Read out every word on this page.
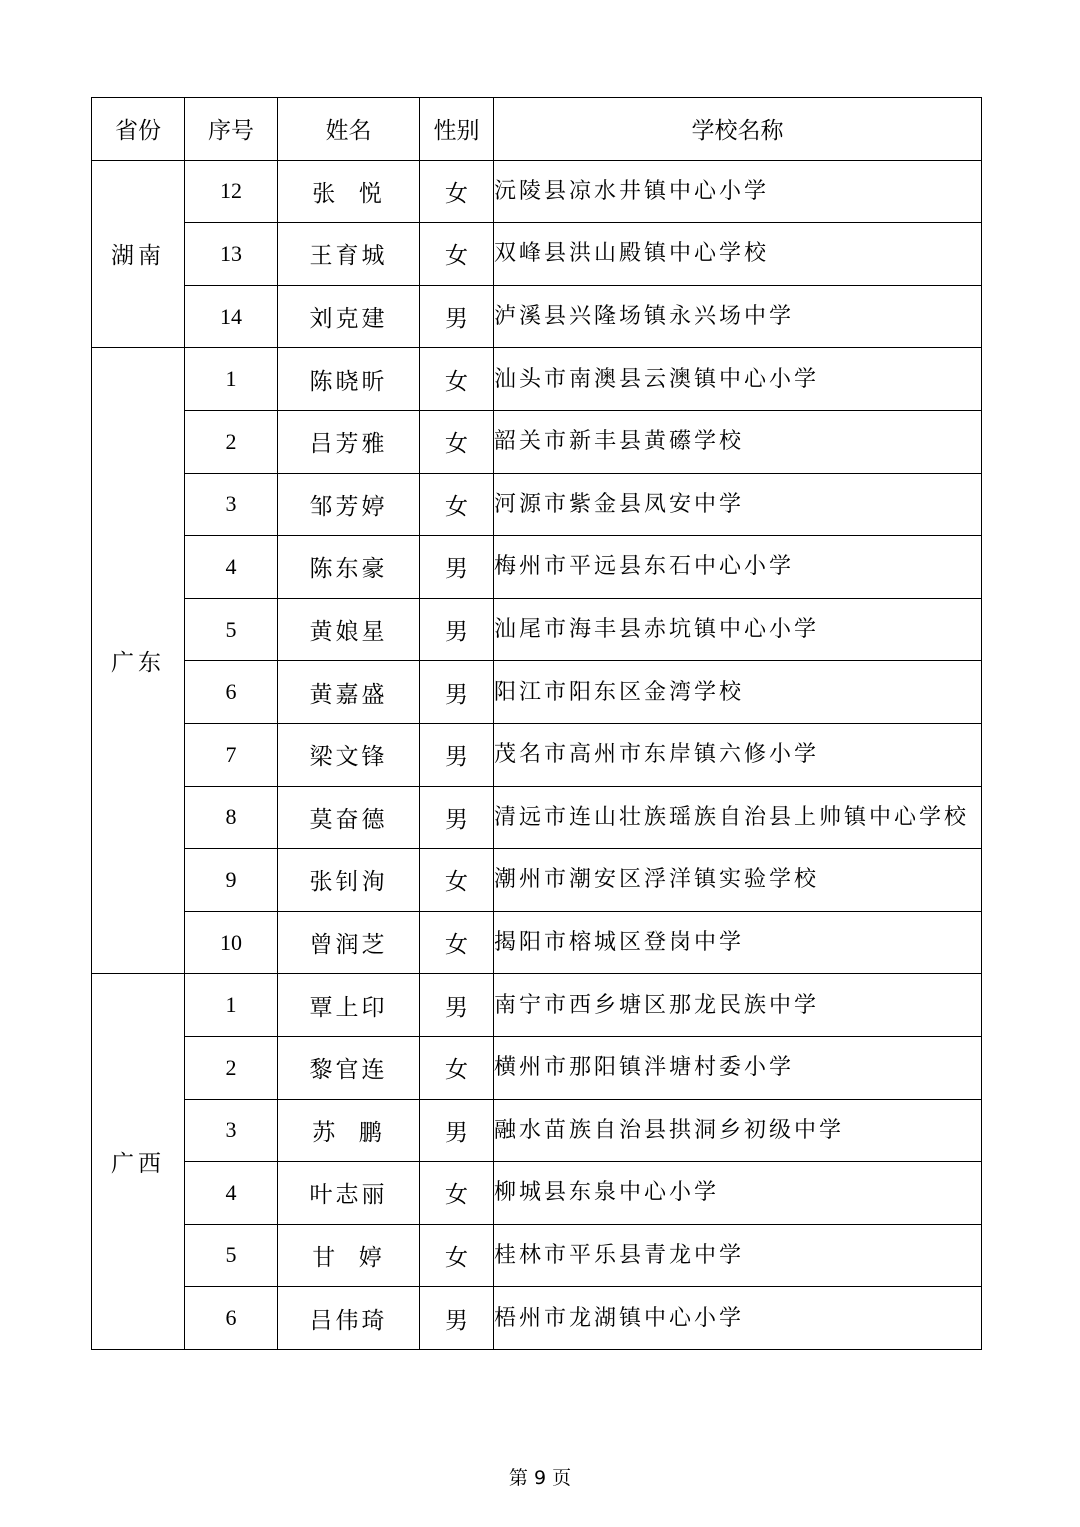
省份	序号	姓名	性别	学校名称
湖南	12	张  悦	女	沅陵县凉水井镇中心小学
	13	王育城	女	双峰县洪山殿镇中心学校
	14	刘克建	男	泸溪县兴隆场镇永兴场中学
广东	1	陈晓昕	女	汕头市南澳县云澳镇中心小学
	2	吕芳雅	女	韶关市新丰县黄礤学校
	3	邹芳婷	女	河源市紫金县凤安中学
	4	陈东豪	男	梅州市平远县东石中心小学
	5	黄娘星	男	汕尾市海丰县赤坑镇中心小学
	6	黄嘉盛	男	阳江市阳东区金湾学校
	7	梁文锋	男	茂名市高州市东岸镇六修小学
	8	莫奋德	男	清远市连山壮族瑶族自治县上帅镇中心学校
	9	张钊洵	女	潮州市潮安区浮洋镇实验学校
	10	曾润芝	女	揭阳市榕城区登岗中学
广西	1	覃上印	男	南宁市西乡塘区那龙民族中学
	2	黎官连	女	横州市那阳镇泮塘村委小学
	3	苏  鹏	男	融水苗族自治县拱洞乡初级中学
	4	叶志丽	女	柳城县东泉中心小学
	5	甘  婷	女	桂林市平乐县青龙中学
	6	吕伟琦	男	梧州市龙湖镇中心小学
第 9 页
